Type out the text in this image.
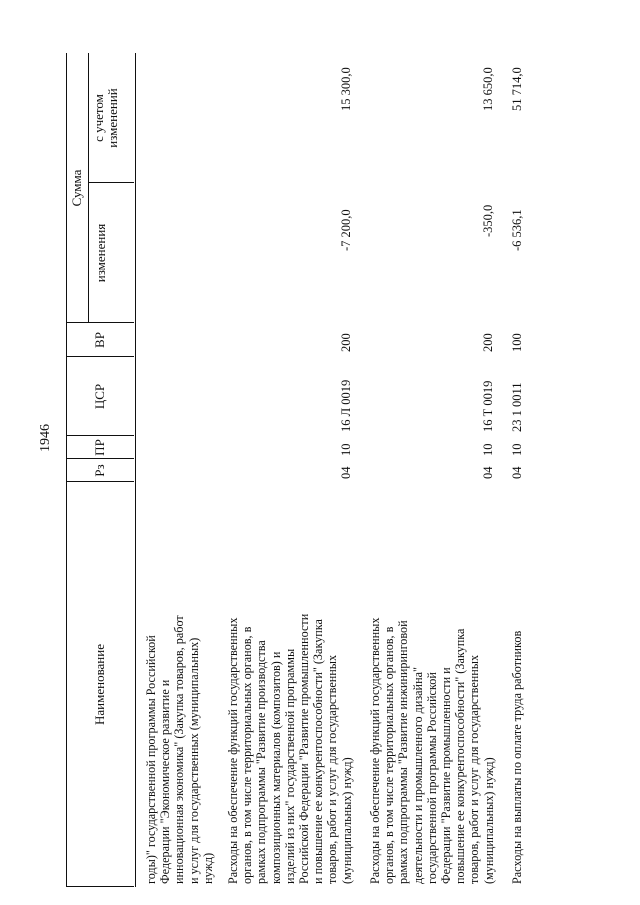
1946
Наименование
Рз
ПР
ЦСР
ВР
Сумма
изменения
с учетом изменений
годы)" государственной программы Российской Федерации "Экономическое развитие и инновационная экономика" (Закупка товаров, работ и услуг для государственных (муниципальных) нужд) Расходы на обеспечение функций государственных органов, в том числе территориальных органов, в рамках подпрограммы "Развитие производства композиционных материалов (композитов) и изделий из них" государственной программы Российской Федерации "Развитие промышленности и повышение ее конкурентоспособности" (Закупка товаров, работ и услуг для государственных (муниципальных) нужд)
04
10
16 Л 0019
200
-7 200,0
15 300,0
Расходы на обеспечение функций государственных органов, в том числе территориальных органов, в рамках подпрограммы "Развитие инжиниринговой деятельности и промышленного дизайна" государственной программы Российской Федерации "Развитие промышленности и повышение ее конкурентоспособности" (Закупка товаров, работ и услуг для государственных (муниципальных) нужд)
04
10
16 Т 0019
200
-350,0
13 650,0
Расходы на выплаты по оплате труда работников
04
10
23 1 0011
100
-6 536,1
51 714,0
